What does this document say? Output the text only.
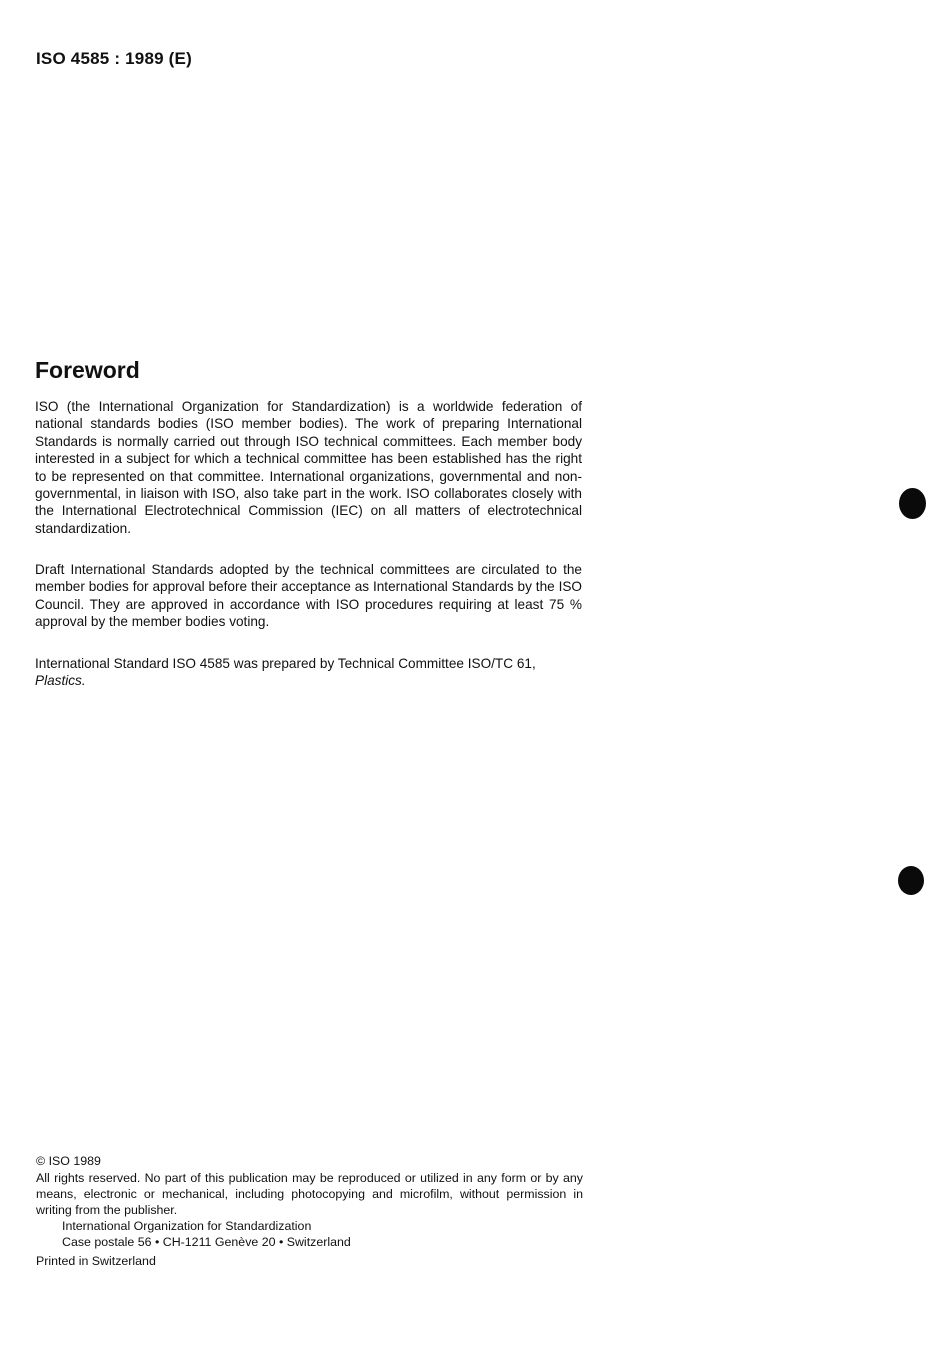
ISO 4585 : 1989 (E)
Foreword

ISO (the International Organization for Standardization) is a worldwide federation of national standards bodies (ISO member bodies). The work of preparing International Standards is normally carried out through ISO technical committees. Each member body interested in a subject for which a technical committee has been established has the right to be represented on that committee. International organizations, governmental and non-governmental, in liaison with ISO, also take part in the work. ISO collaborates closely with the International Electrotechnical Commission (IEC) on all matters of electrotechnical standardization.

Draft International Standards adopted by the technical committees are circulated to the member bodies for approval before their acceptance as International Standards by the ISO Council. They are approved in accordance with ISO procedures requiring at least 75 % approval by the member bodies voting.

International Standard ISO 4585 was prepared by Technical Committee ISO/TC 61,
Plastics.

© ISO 1989

All rights reserved. No part of this publication may be reproduced or utilized in any form or by any means, electronic or mechanical, including photocopying and microfilm, without permission in writing from the publisher.

International Organization for Standardization

Case postale 56 • CH-1211 Genève 20 • Switzerland

Printed in Switzerland
